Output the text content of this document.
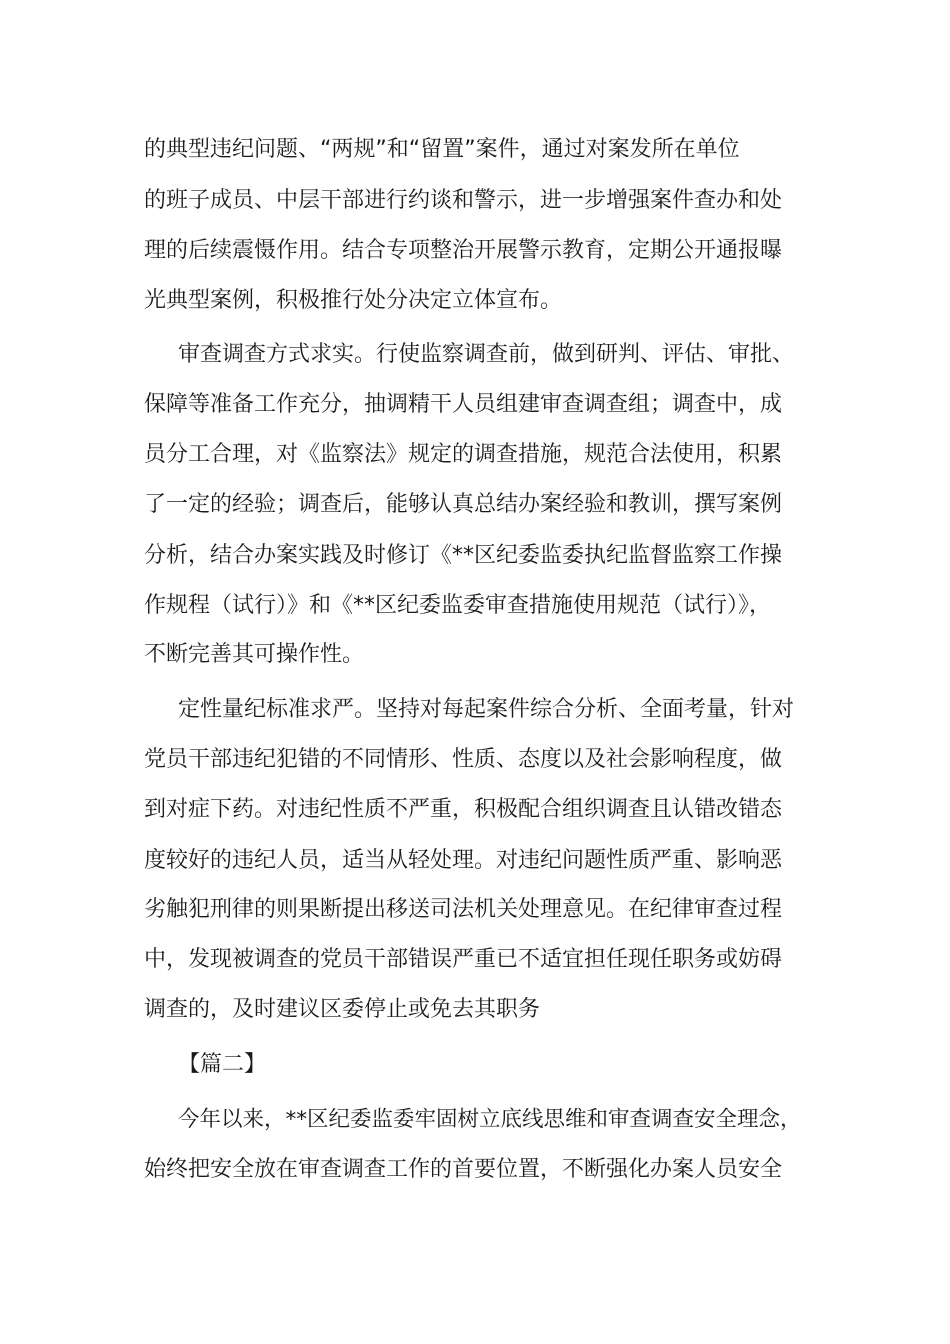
的典型违纪问题、“两规”和“留置”案件，通过对案发所在单位
的班子成员、中层干部进行约谈和警示，进一步增强案件查办和处
理的后续震慑作用。结合专项整治开展警示教育，定期公开通报曝
光典型案例，积极推行处分决定立体宣布。
审查调查方式求实。行使监察调查前，做到研判、评估、审批、
保障等准备工作充分，抽调精干人员组建审查调查组；调查中，成
员分工合理，对《监察法》规定的调查措施，规范合法使用，积累
了一定的经验；调查后，能够认真总结办案经验和教训，撰写案例
分析，结合办案实践及时修订《**区纪委监委执纪监督监察工作操
作规程（试行）》和《**区纪委监委审查措施使用规范（试行）》，
不断完善其可操作性。
定性量纪标准求严。坚持对每起案件综合分析、全面考量，针对
党员干部违纪犯错的不同情形、性质、态度以及社会影响程度，做
到对症下药。对违纪性质不严重，积极配合组织调查且认错改错态
度较好的违纪人员，适当从轻处理。对违纪问题性质严重、影响恶
劣触犯刑律的则果断提出移送司法机关处理意见。在纪律审查过程
中，发现被调查的党员干部错误严重已不适宜担任现任职务或妨碍
调查的，及时建议区委停止或免去其职务
【篇二】
今年以来，**区纪委监委牢固树立底线思维和审查调查安全理念，
始终把安全放在审查调查工作的首要位置，不断强化办案人员安全
